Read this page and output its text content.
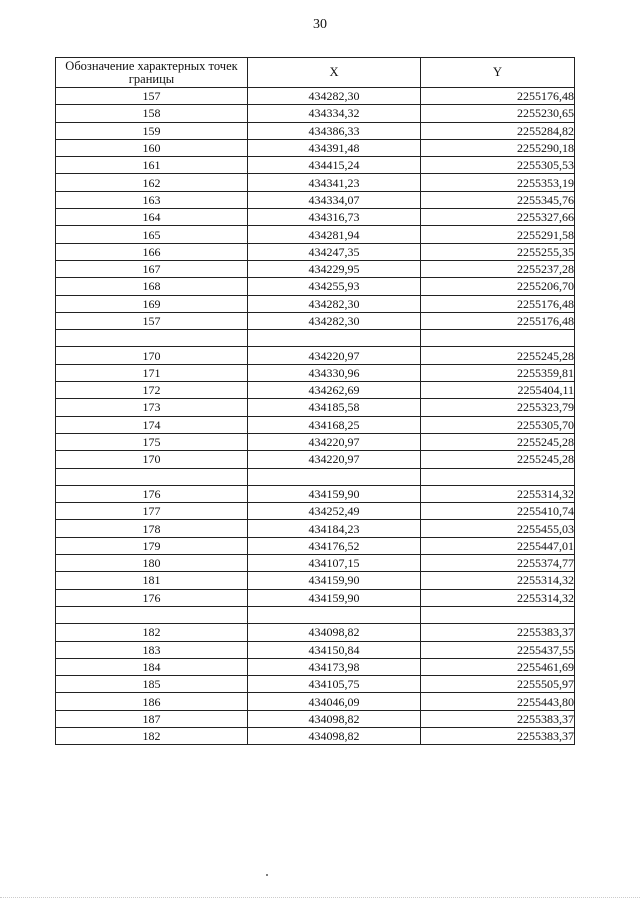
30
Обозначение характерных точек границы	X	Y
157	434282,30	2255176,48
158	434334,32	2255230,65
159	434386,33	2255284,82
160	434391,48	2255290,18
161	434415,24	2255305,53
162	434341,23	2255353,19
163	434334,07	2255345,76
164	434316,73	2255327,66
165	434281,94	2255291,58
166	434247,35	2255255,35
167	434229,95	2255237,28
168	434255,93	2255206,70
169	434282,30	2255176,48
157	434282,30	2255176,48

170	434220,97	2255245,28
171	434330,96	2255359,81
172	434262,69	2255404,11
173	434185,58	2255323,79
174	434168,25	2255305,70
175	434220,97	2255245,28
170	434220,97	2255245,28

176	434159,90	2255314,32
177	434252,49	2255410,74
178	434184,23	2255455,03
179	434176,52	2255447,01
180	434107,15	2255374,77
181	434159,90	2255314,32
176	434159,90	2255314,32

182	434098,82	2255383,37
183	434150,84	2255437,55
184	434173,98	2255461,69
185	434105,75	2255505,97
186	434046,09	2255443,80
187	434098,82	2255383,37
182	434098,82	2255383,37
